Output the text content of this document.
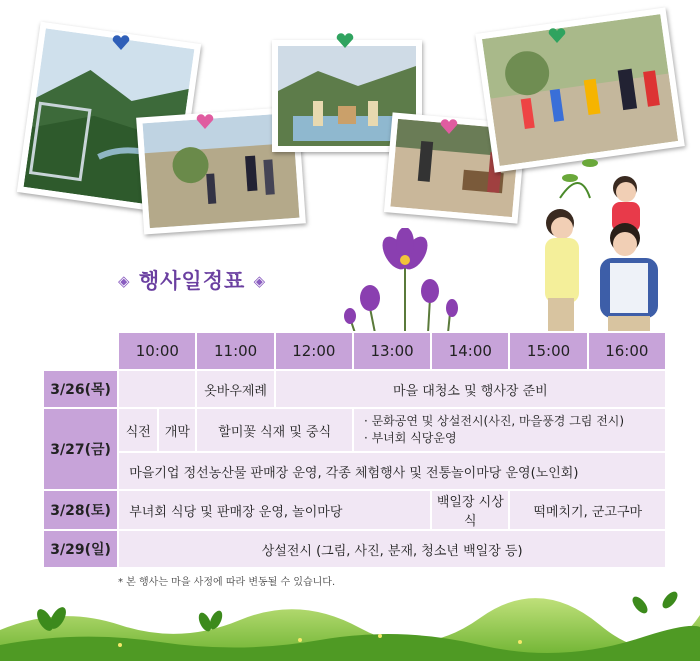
◈ 행사일정표 ◈
	10:00		11:00	12:00	13:00	14:00	15:00	16:00
3/26(목)			옷바우제례	마을 대청소 및 행사장 준비				
3/27(금)	식전	개막	할미꽃 식재 및 중식		· 문화공연 및 상설전시(사진, 마을풍경 그림 전시)
· 부녀회 식당운영			

	마을기업 정선농산물 판매장 운영, 각종 체험행사 및 전통놀이마당 운영(노인회)							
3/28(토)	부녀회 식당 및 판매장 운영, 놀이마당					백일장 시상식	떡메치기, 군고구마	
3/29(일)	상설전시 (그림, 사진, 분재, 청소년 백일장 등)							
* 본 행사는 마을 사정에 따라 변동될 수 있습니다.
